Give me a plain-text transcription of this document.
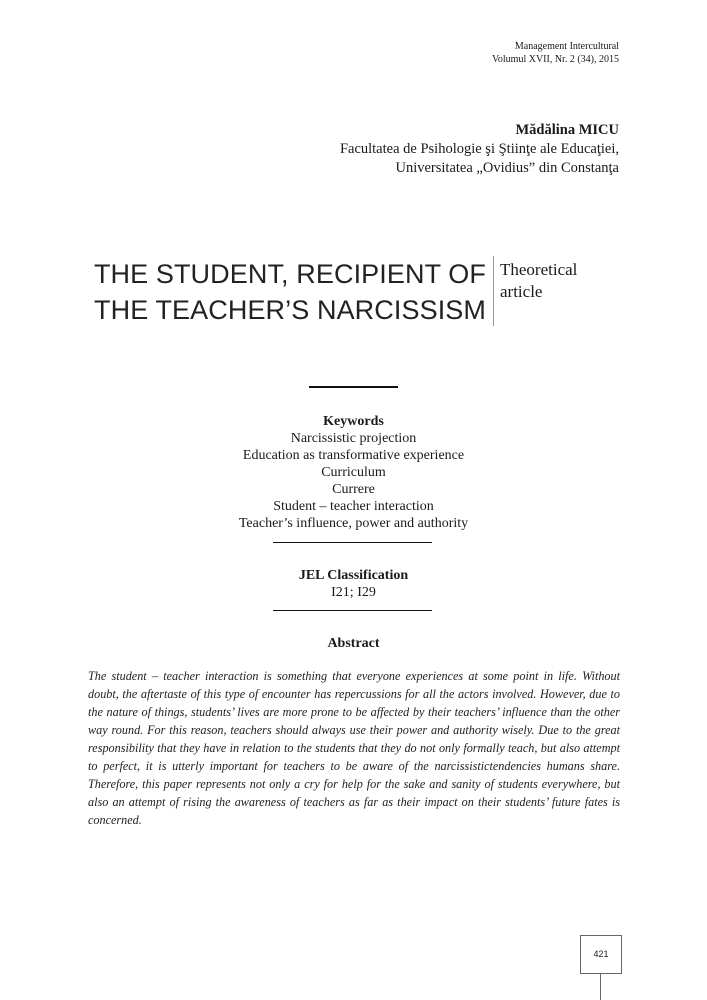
Management Intercultural
Volumul XVII, Nr. 2 (34), 2015
Mădălina MICU
Facultatea de Psihologie şi Ştiinţe ale Educaţiei,
Universitatea „Ovidius” din Constanţa
THE STUDENT, RECIPIENT OF
THE TEACHER’S NARCISSISM
Theoretical
article
Keywords
Narcissistic projection
Education as transformative experience
Curriculum
Currere
Student – teacher interaction
Teacher’s influence, power and authority
JEL Classification
I21; I29
Abstract
The student – teacher interaction is something that everyone experiences at some point in life. Without doubt, the aftertaste of this type of encounter has repercussions for all the actors involved. However, due to the nature of things, students’ lives are more prone to be affected by their teachers’ influence than the other way round. For this reason, teachers should always use their power and authority wisely. Due to the great responsibility that they have in relation to the students that they do not only formally teach, but also attempt to perfect, it is utterly important for teachers to be aware of the narcissistictendencies humans share. Therefore, this paper represents not only a cry for help for the sake and sanity of students everywhere, but also an attempt of rising the awareness of teachers as far as their impact on their students’ future fates is concerned.
421
